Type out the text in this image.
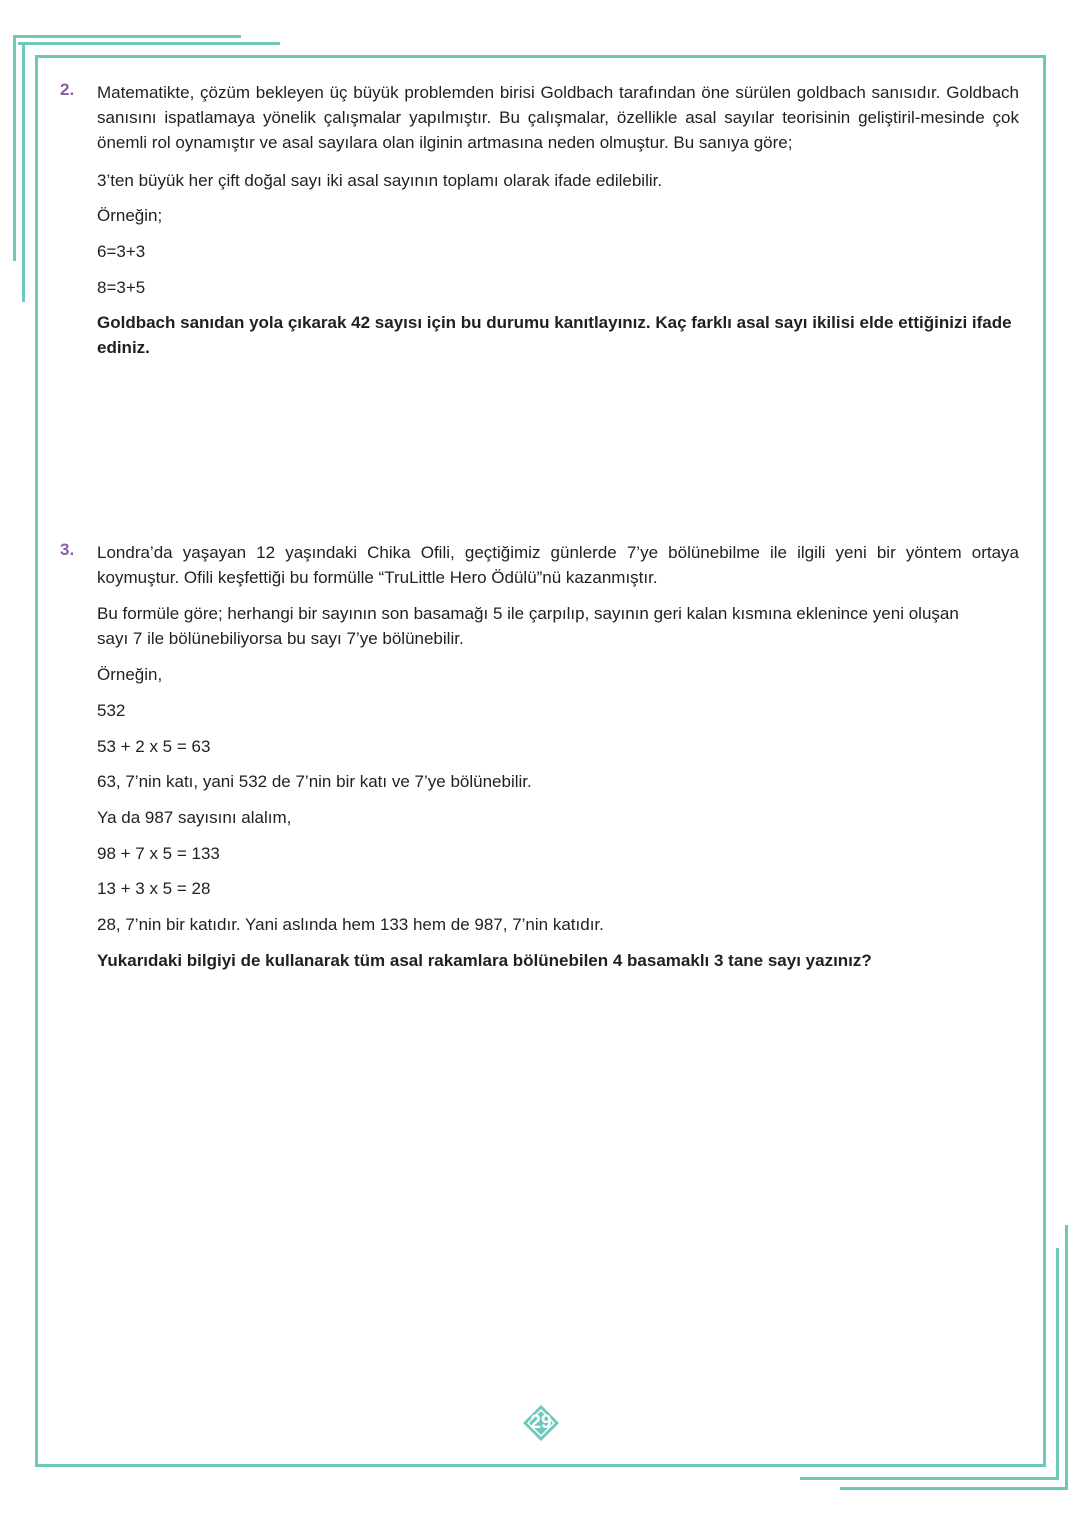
2. Matematikte, çözüm bekleyen üç büyük problemden birisi Goldbach tarafından öne sürülen goldbach sanısıdır. Goldbach sanısını ispatlamaya yönelik çalışmalar yapılmıştır. Bu çalışmalar, özellikle asal sayılar teorisinin geliştiril-mesinde çok önemli rol oynamıştır ve asal sayılara olan ilginin artmasına neden olmuştur. Bu sanıya göre;

3’ten büyük her çift doğal sayı iki asal sayının toplamı olarak ifade edilebilir.

Örneğin;

6=3+3

8=3+5

Goldbach sanıdan yola çıkarak 42 sayısı için bu durumu kanıtlayınız. Kaç farklı asal sayı ikilisi elde ettiğinizi ifade ediniz.

3. Londra’da yaşayan 12 yaşındaki Chika Ofili, geçtiğimiz günlerde 7’ye bölünebilme ile ilgili yeni bir yöntem ortaya koymuştur. Ofili keşfettiği bu formülle “TruLittle Hero Ödülü”nü kazanmıştır.

Bu formüle göre; herhangi bir sayının son basamağı 5 ile çarpılıp, sayının geri kalan kısmına eklenince yeni oluşan sayı 7 ile bölünebiliyorsa bu sayı 7’ye bölünebilir.

Örneğin,

532

53 + 2 x 5 = 63

63, 7’nin katı, yani 532 de 7’nin bir katı ve 7’ye bölünebilir.

Ya da 987 sayısını alalım,

98 + 7 x 5 = 133

13 + 3 x 5 = 28

28, 7’nin bir katıdır. Yani aslında hem 133 hem de 987, 7’nin katıdır.

Yukarıdaki bilgiyi de kullanarak tüm asal rakamlara bölünebilen 4 basamaklı 3 tane sayı yazınız?

29
